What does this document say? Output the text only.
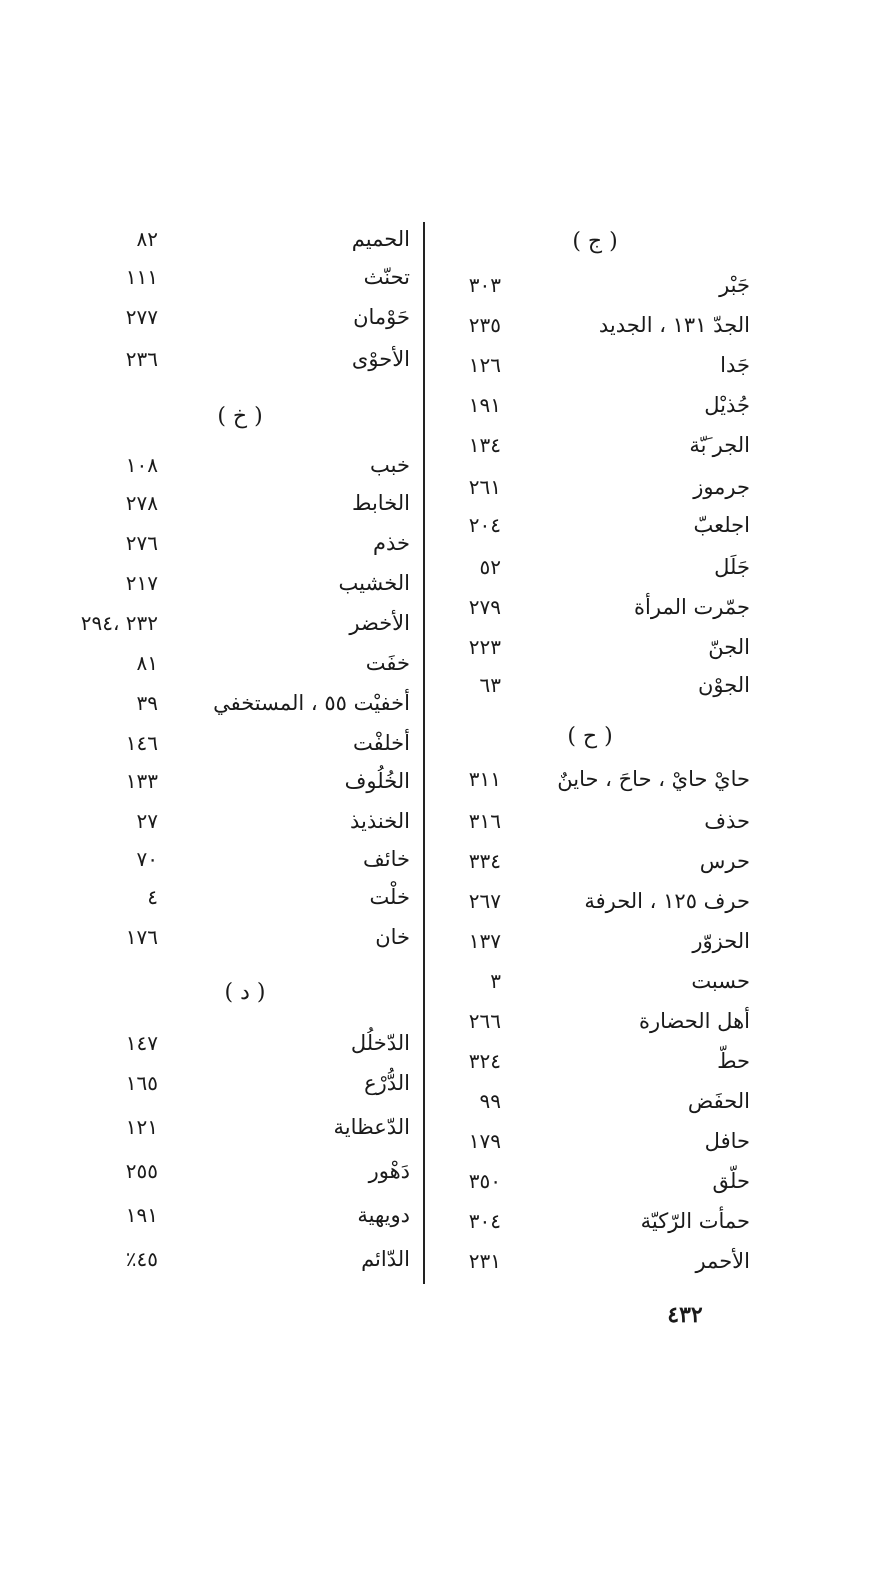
( ج )
جَبْر
٣٠٣
الجدّ ١٣١ ، الجديد
٢٣٥
جَدا
١٢٦
جُذيْل
١٩١
الجر َبّة
١٣٤
جرموز
٢٦١
اجلعبّ
٢٠٤
جَلَل
٥٢
جمّرت المرأة
٢٧٩
الجنّ
٢٢٣
الجوْن
٦٣
( ح )
حايْ حايْ ، حاحَ ، حاينٌ
٣١١
حذف
٣١٦
حرس
٣٣٤
حرف ١٢٥ ، الحرفة
٢٦٧
الحزوّر
١٣٧
حسبت
٣
أهل الحضارة
٢٦٦
حطّ
٣٢٤
الحفَض
٩٩
حافل
١٧٩
حلّق
٣٥٠
حمأت الرّكيّة
٣٠٤
الأحمر
٢٣١
الحميم
٨٢
تحنّث
١١١
حَوْمان
٢٧٧
الأحوْى
٢٣٦
( خ )
خبب
١٠٨
الخابط
٢٧٨
خذم
٢٧٦
الخشيب
٢١٧
الأخضر
٢٣٢ ،٢٩٤
خفَت
٨١
أخفيْت ٥٥ ، المستخفي
٣٩
أخلفْت
١٤٦
الخُلُوف
١٣٣
الخنذيذ
٢٧
خائف
٧٠
خلْت
٤
خان
١٧٦
( د )
الدّخلُل
١٤٧
الدُّرْع
١٦٥
الدّعظاية
١٢١
دَهْور
٢٥٥
دويهية
١٩١
الدّائم
٤٥٪
٤٣٢
